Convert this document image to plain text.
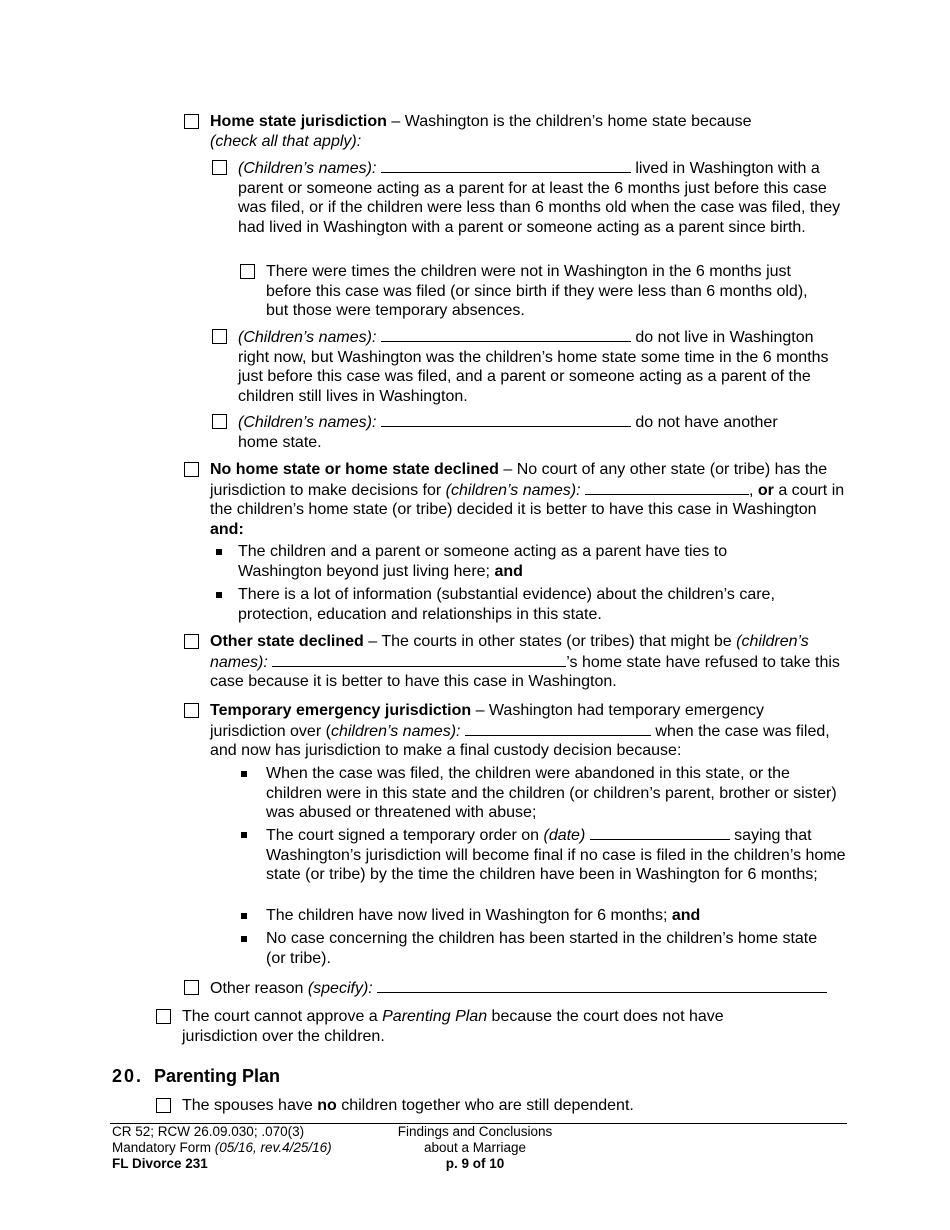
Home state jurisdiction – Washington is the children’s home state because
(check all that apply):
(Children’s names):	lived in Washington with a parent or someone acting as a parent for at least the 6 months just before this case was filed, or if the children were less than 6 months old when the case was filed, they had lived in Washington with a parent or someone acting as a parent since birth.
There were times the children were not in Washington in the 6 months just before this case was filed (or since birth if they were less than 6 months old), but those were temporary absences.
(Children’s names):	do not live in Washington right now, but Washington was the children’s home state some time in the 6 months just before this case was filed, and a parent or someone acting as a parent of the children still lives in Washington.
(Children’s names):	do not have another
home state.
No home state or home state declined – No court of any other state (or tribe) has the jurisdiction to make decisions for (children’s names):	, or a court in the children’s home state (or tribe) decided it is better to have this case in Washington and:
The children and a parent or someone acting as a parent have ties to Washington beyond just living here; and
There is a lot of information (substantial evidence) about the children’s care, protection, education and relationships in this state.
Other state declined – The courts in other states (or tribes) that might be (children’s names):	’s home state have refused to take this case because it is better to have this case in Washington.
Temporary emergency jurisdiction – Washington had temporary emergency jurisdiction over (children’s names):	when the case was filed, and now has jurisdiction to make a final custody decision because:
When the case was filed, the children were abandoned in this state, or the children were in this state and the children (or children’s parent, brother or sister) was abused or threatened with abuse;
The court signed a temporary order on (date)	saying that Washington’s jurisdiction will become final if no case is filed in the children’s home state (or tribe) by the time the children have been in Washington for 6 months;
The children have now lived in Washington for 6 months; and
No case concerning the children has been started in the children’s home state (or tribe).
Other reason (specify):
The court cannot approve a Parenting Plan because the court does not have jurisdiction over the children.
20. Parenting Plan
The spouses have no children together who are still dependent.
CR 52; RCW 26.09.030; .070(3)
Mandatory Form (05/16, rev.4/25/16)
FL Divorce 231
Findings and Conclusions
about a Marriage
p. 9 of 10
